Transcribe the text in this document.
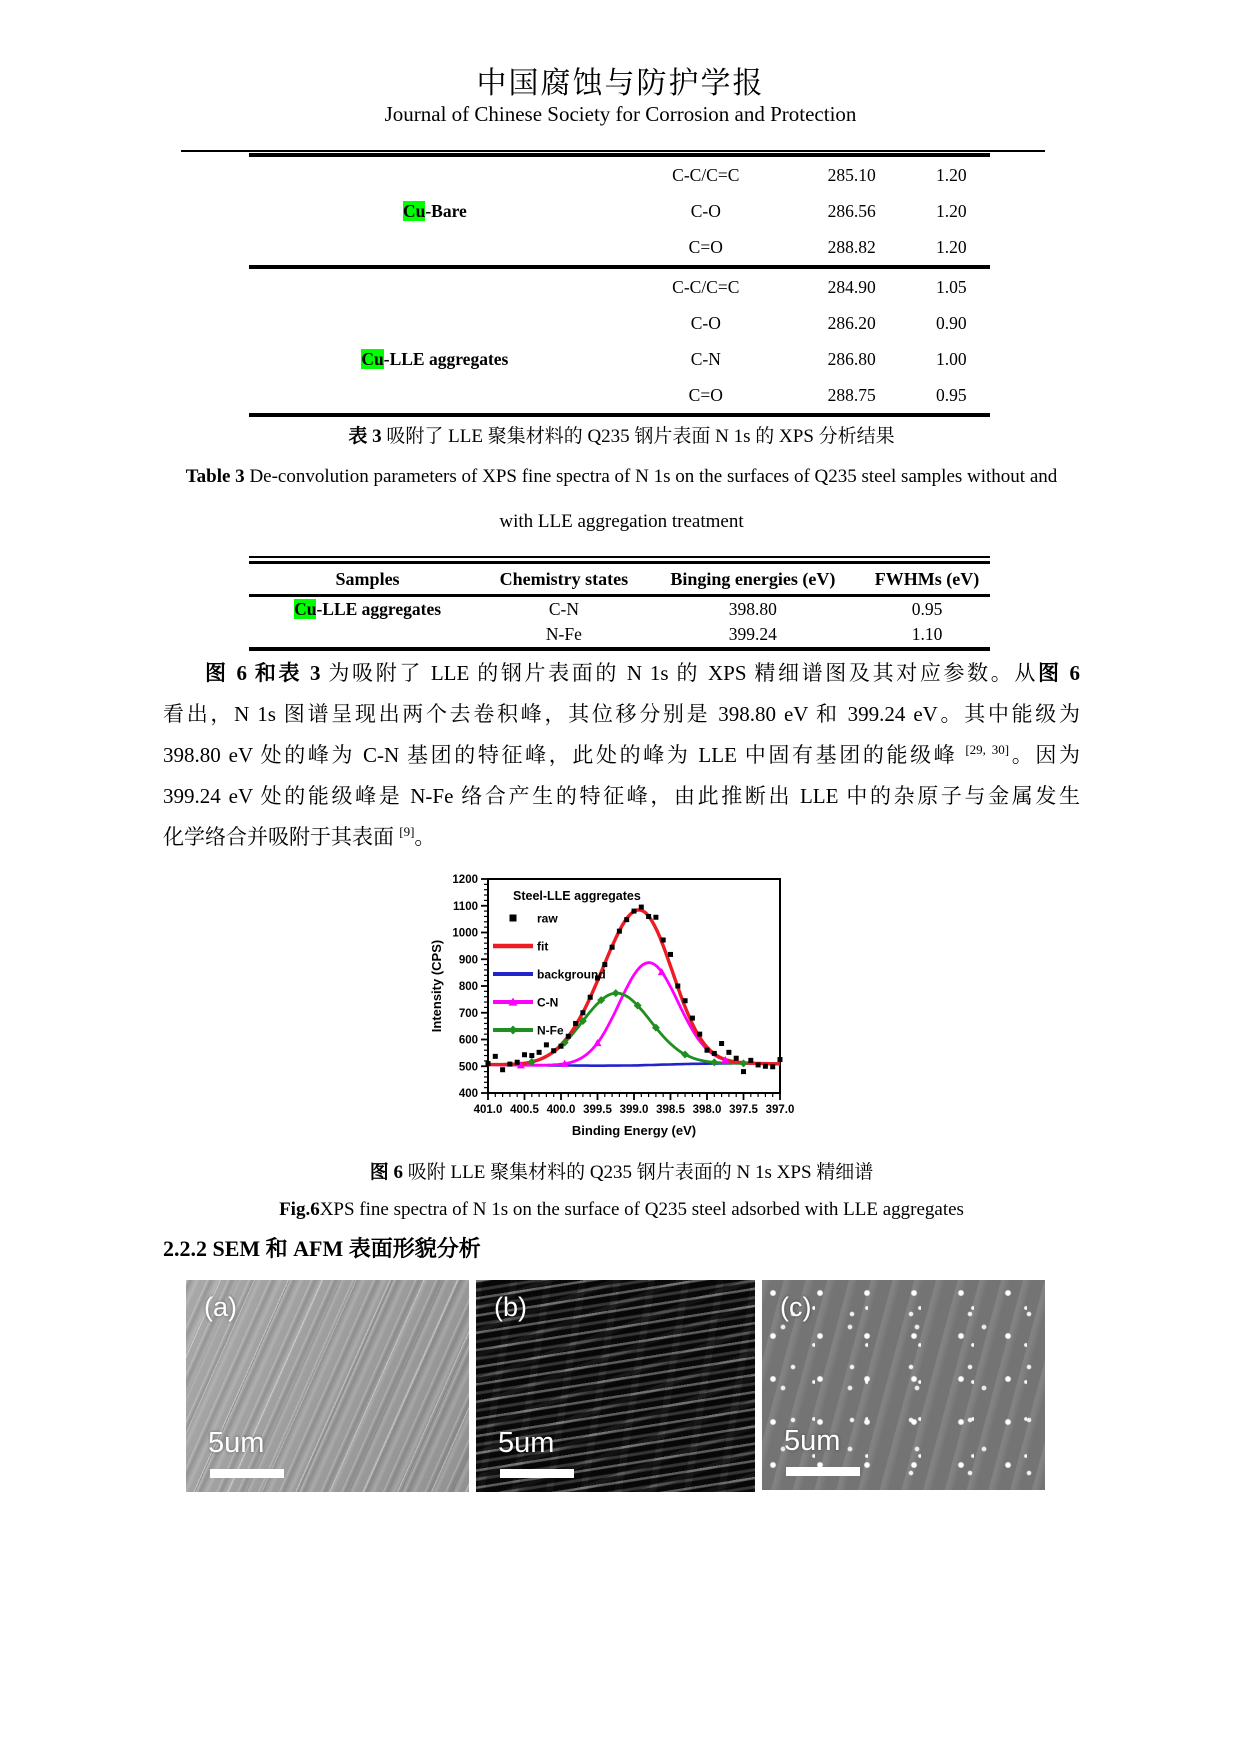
中国腐蚀与防护学报
Journal of Chinese Society for Corrosion and Protection
	C-C/C=C	285.10	1.20
Cu-Bare	C-O	286.56	1.20
	C=O	288.82	1.20
	C-C/C=C	284.90	1.05
	C-O	286.20	0.90
Cu-LLE aggregates	C-N	286.80	1.00
	C=O	288.75	0.95
表 3 吸附了 LLE 聚集材料的 Q235 钢片表面 N 1s 的 XPS 分析结果
Table 3 De-convolution parameters of XPS fine spectra of N 1s on the surfaces of Q235 steel samples without and
with LLE aggregation treatment
Samples	Chemistry states	Binging energies (eV)	FWHMs (eV)
Cu-LLE aggregates	C-N	398.80	0.95
	N-Fe	399.24	1.10
图 6 和表 3 为吸附了 LLE 的钢片表面的 N 1s 的 XPS 精细谱图及其对应参数。从图 6
看出，N 1s 图谱呈现出两个去卷积峰，其位移分别是 398.80 eV 和 399.24 eV。其中能级为
398.80 eV 处的峰为 C-N 基团的特征峰，此处的峰为 LLE 中固有基团的能级峰 [29, 30]。因为
399.24 eV 处的能级峰是 N-Fe 络合产生的特征峰，由此推断出 LLE 中的杂原子与金属发生
化学络合并吸附于其表面 [9]。
397.0
397.5
398.0
398.5
399.0
399.5
400.0
400.5
401.0
400
500
600
700
800
900
1000
1100
1200
Binding Energy (eV)
Intensity (CPS)
Steel-LLE aggregates
raw
fit
background
C-N
N-Fe
图 6 吸附 LLE 聚集材料的 Q235 钢片表面的 N 1s XPS 精细谱
Fig.6XPS fine spectra of N 1s on the surface of Q235 steel adsorbed with LLE aggregates
2.2.2 SEM 和 AFM 表面形貌分析
(a)
5um
(b)
5um
(c)
5um
